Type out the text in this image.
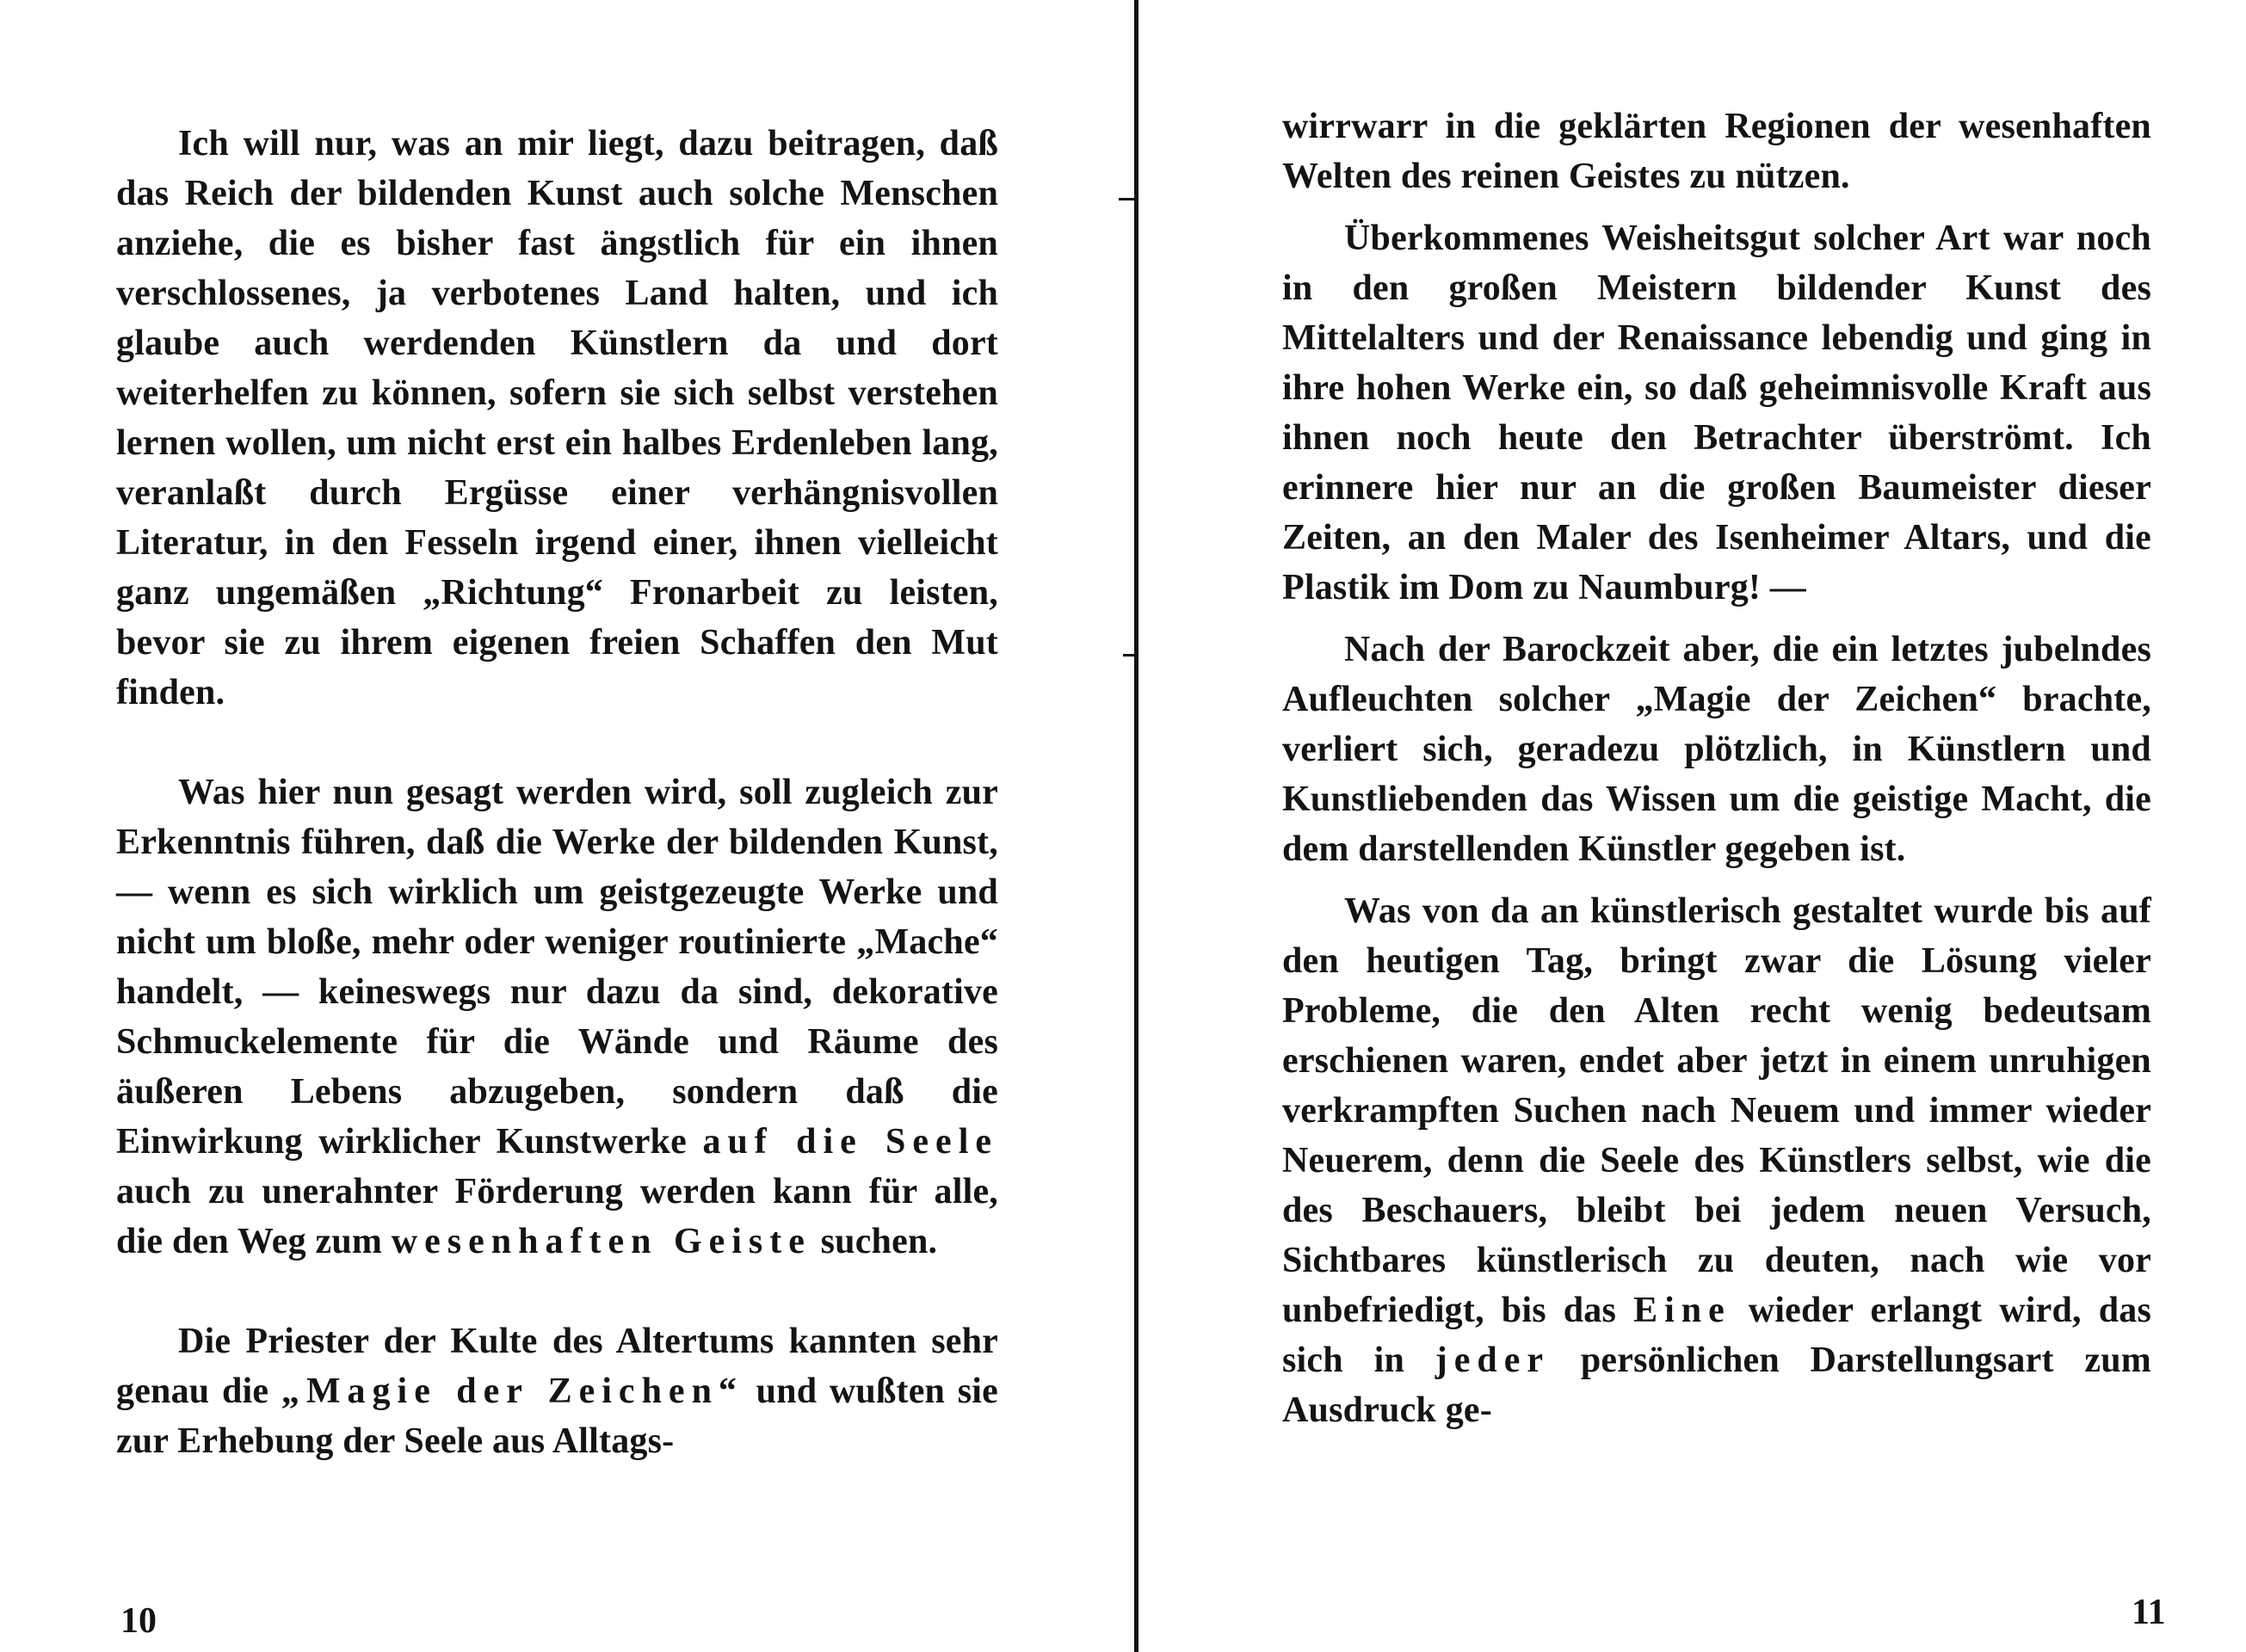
Ich will nur, was an mir liegt, dazu beitragen, daß das Reich der bildenden Kunst auch solche Menschen anziehe, die es bisher fast ängstlich für ein ihnen verschlossenes, ja verbotenes Land halten, und ich glaube auch werdenden Künstlern da und dort weiterhelfen zu können, sofern sie sich selbst verstehen lernen wollen, um nicht erst ein halbes Erdenleben lang, veranlaßt durch Ergüsse einer verhängnisvollen Literatur, in den Fesseln irgend einer, ihnen vielleicht ganz ungemäßen „Richtung“ Fronarbeit zu leisten, bevor sie zu ihrem eigenen freien Schaffen den Mut finden.

Was hier nun gesagt werden wird, soll zugleich zur Erkenntnis führen, daß die Werke der bildenden Kunst, — wenn es sich wirklich um geistgezeugte Werke und nicht um bloße, mehr oder weniger routinierte „Mache“ handelt, — keineswegs nur dazu da sind, dekorative Schmuckelemente für die Wände und Räume des äußeren Lebens abzugeben, sondern daß die Einwirkung wirklicher Kunstwerke auf die Seele auch zu unerahnter Förderung werden kann für alle, die den Weg zum wesenhaften Geiste suchen.

Die Priester der Kulte des Altertums kannten sehr genau die „Magie der Zeichen“ und wußten sie zur Erhebung der Seele aus Alltags-

10

wirrwarr in die geklärten Regionen der wesenhaften Welten des reinen Geistes zu nützen.

Überkommenes Weisheitsgut solcher Art war noch in den großen Meistern bildender Kunst des Mittelalters und der Renaissance lebendig und ging in ihre hohen Werke ein, so daß geheimnisvolle Kraft aus ihnen noch heute den Betrachter überströmt. Ich erinnere hier nur an die großen Baumeister dieser Zeiten, an den Maler des Isenheimer Altars, und die Plastik im Dom zu Naumburg! —

Nach der Barockzeit aber, die ein letztes jubelndes Aufleuchten solcher „Magie der Zeichen“ brachte, verliert sich, geradezu plötzlich, in Künstlern und Kunstliebenden das Wissen um die geistige Macht, die dem darstellenden Künstler gegeben ist.

Was von da an künstlerisch gestaltet wurde bis auf den heutigen Tag, bringt zwar die Lösung vieler Probleme, die den Alten recht wenig bedeutsam erschienen waren, endet aber jetzt in einem unruhigen verkrampften Suchen nach Neuem und immer wieder Neuerem, denn die Seele des Künstlers selbst, wie die des Beschauers, bleibt bei jedem neuen Versuch, Sichtbares künstlerisch zu deuten, nach wie vor unbefriedigt, bis das Eine wieder erlangt wird, das sich in jeder persönlichen Darstellungsart zum Ausdruck ge-

11
